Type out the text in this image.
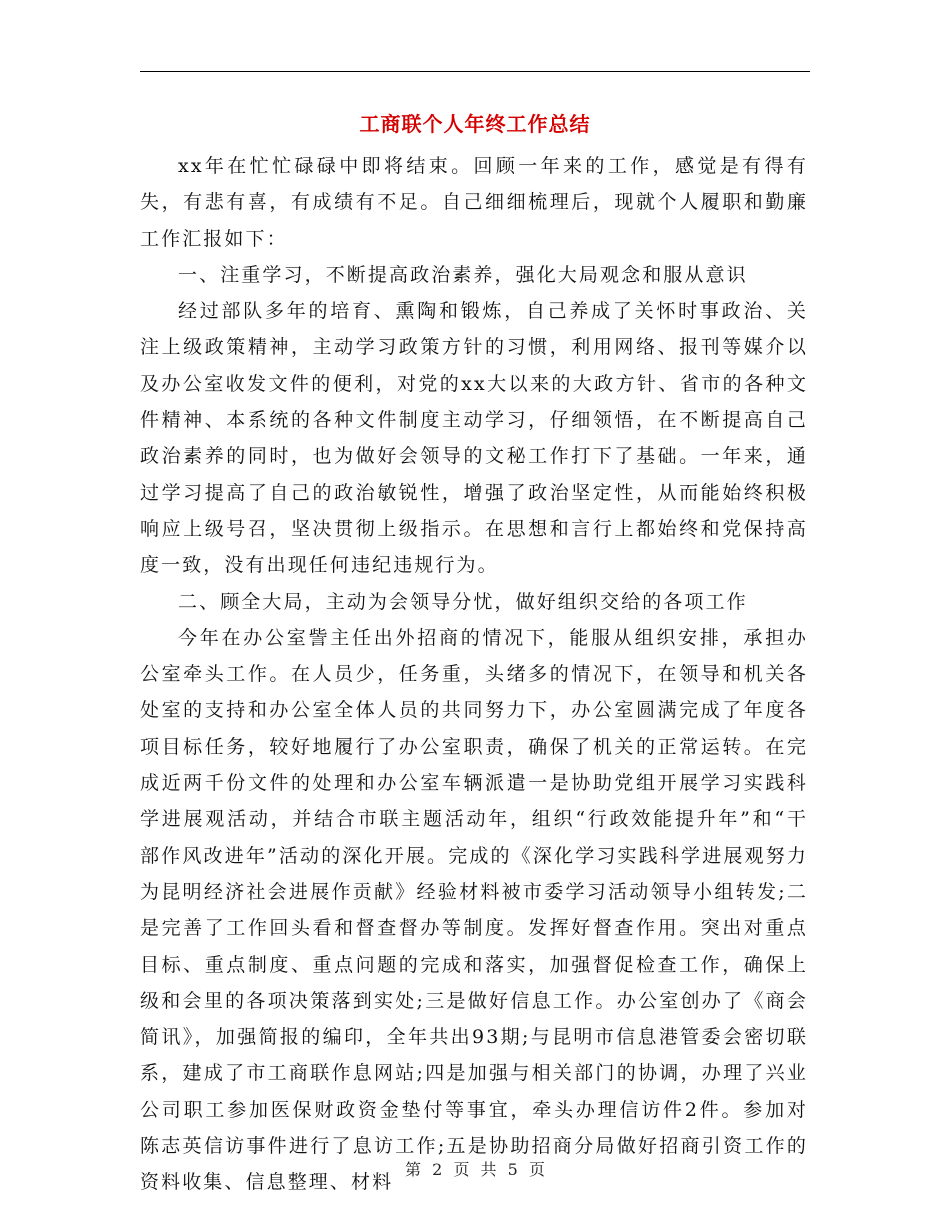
工商联个人年终工作总结

xx年在忙忙碌碌中即将结束。回顾一年来的工作，感觉是有得有失，有悲有喜，有成绩有不足。自己细细梳理后，现就个人履职和勤廉工作汇报如下：

一、注重学习，不断提高政治素养，强化大局观念和服从意识

经过部队多年的培育、熏陶和锻炼，自己养成了关怀时事政治、关注上级政策精神，主动学习政策方针的习惯，利用网络、报刊等媒介以及办公室收发文件的便利，对党的xx大以来的大政方针、省市的各种文件精神、本系统的各种文件制度主动学习，仔细领悟，在不断提高自己政治素养的同时，也为做好会领导的文秘工作打下了基础。一年来，通过学习提高了自己的政治敏锐性，增强了政治坚定性，从而能始终积极响应上级号召，坚决贯彻上级指示。在思想和言行上都始终和党保持高度一致，没有出现任何违纪违规行为。

二、顾全大局，主动为会领导分忧，做好组织交给的各项工作

今年在办公室訾主任出外招商的情况下，能服从组织安排，承担办公室牵头工作。在人员少，任务重，头绪多的情况下，在领导和机关各处室的支持和办公室全体人员的共同努力下，办公室圆满完成了年度各项目标任务，较好地履行了办公室职责，确保了机关的正常运转。在完成近两千份文件的处理和办公室车辆派遣一是协助党组开展学习实践科学进展观活动，并结合市联主题活动年，组织“行政效能提升年”和“干部作风改进年”活动的深化开展。完成的《深化学习实践科学进展观努力为昆明经济社会进展作贡献》经验材料被市委学习活动领导小组转发;二是完善了工作回头看和督查督办等制度。发挥好督查作用。突出对重点目标、重点制度、重点问题的完成和落实，加强督促检查工作，确保上级和会里的各项决策落到实处;三是做好信息工作。办公室创办了《商会简讯》，加强简报的编印，全年共出93期;与昆明市信息港管委会密切联系，建成了市工商联作息网站;四是加强与相关部门的协调，办理了兴业公司职工参加医保财政资金垫付等事宜，牵头办理信访件2件。参加对陈志英信访事件进行了息访工作;五是协助招商分局做好招商引资工作的资料收集、信息整理、材料

第 2 页 共 5 页
